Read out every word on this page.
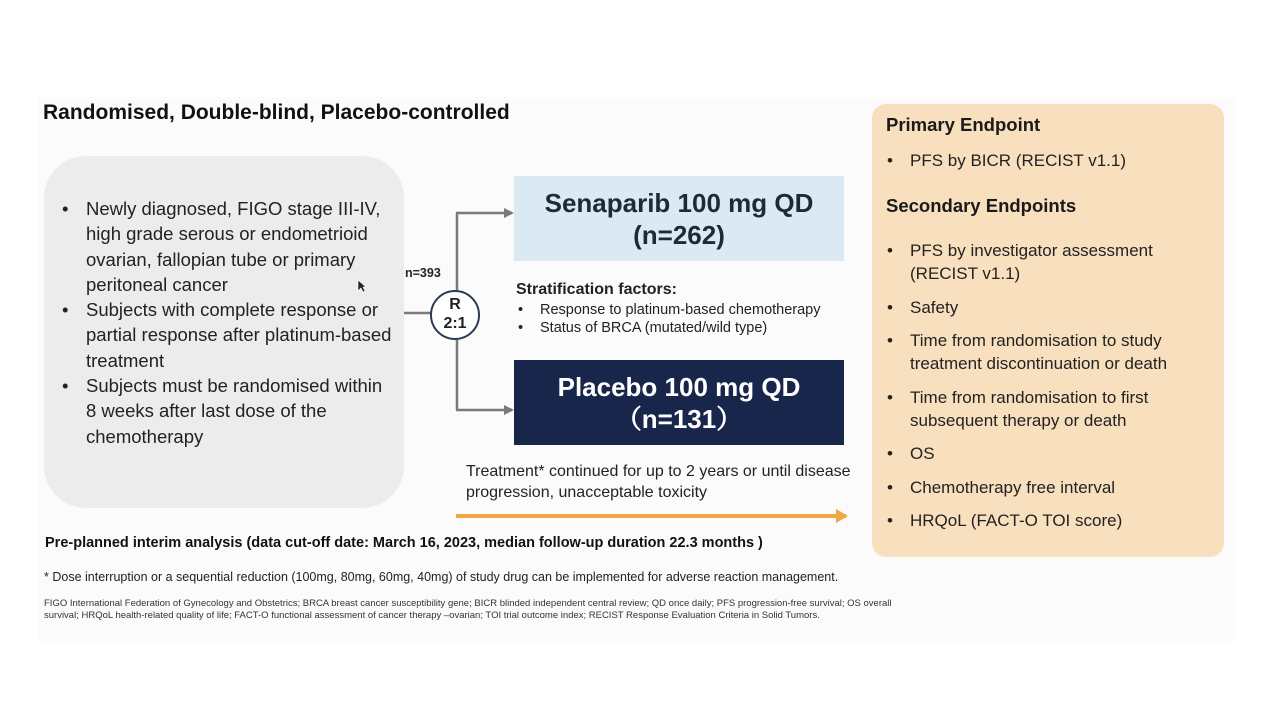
Randomised, Double-blind, Placebo-controlled
• Newly diagnosed, FIGO stage III-IV, high grade serous or endometrioid ovarian, fallopian tube or primary peritoneal cancer
• Subjects with complete response or partial response after platinum-based treatment
• Subjects must be randomised within 8 weeks after last dose of the chemotherapy
n=393
R
2:1
Senaparib 100 mg QD
(n=262)
Stratification factors:
• Response to platinum-based chemotherapy
• Status of BRCA (mutated/wild type)
Placebo 100 mg QD
（n=131）
Treatment* continued for up to 2 years or until disease progression, unacceptable toxicity
Pre-planned interim analysis (data cut-off date: March 16, 2023, median follow-up duration 22.3 months )
* Dose interruption or a sequential reduction (100mg, 80mg, 60mg, 40mg) of study drug can be implemented for adverse reaction management.
FIGO International Federation of Gynecology and Obstetrics; BRCA breast cancer susceptibility gene; BICR blinded independent central review; QD once daily; PFS progression-free survival; OS overall survival; HRQoL health-related quality of life; FACT-O functional assessment of cancer therapy –ovarian; TOI trial outcome index; RECIST Response Evaluation Criteria in Solid Tumors.
Primary Endpoint
• PFS by BICR (RECIST v1.1)
Secondary Endpoints
• PFS by investigator assessment (RECIST v1.1)
• Safety
• Time from randomisation to study treatment discontinuation or death
• Time from randomisation to first subsequent therapy or death
• OS
• Chemotherapy free interval
• HRQoL (FACT-O TOI score)
